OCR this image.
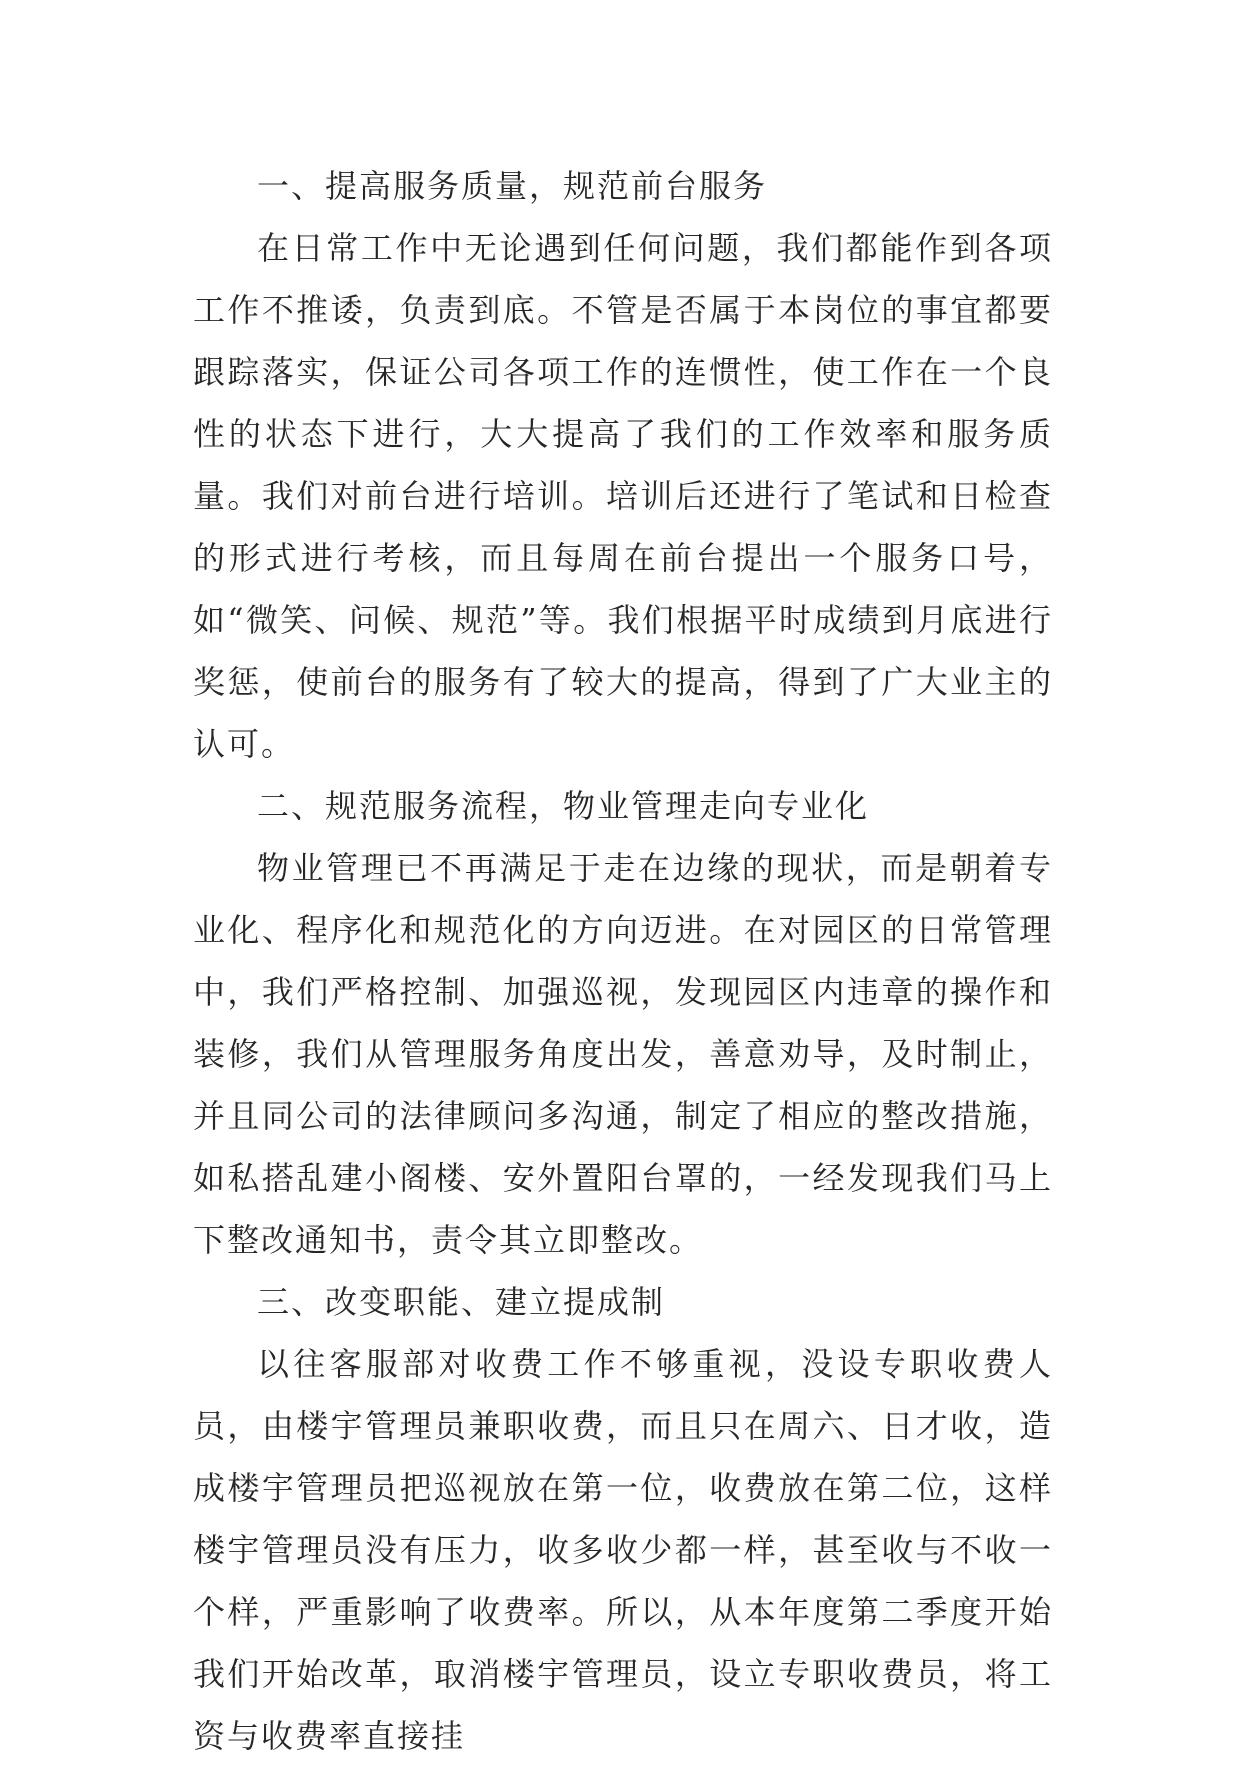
一、提高服务质量，规范前台服务

在日常工作中无论遇到任何问题，我们都能作到各项工作不推诿，负责到底。不管是否属于本岗位的事宜都要跟踪落实，保证公司各项工作的连惯性，使工作在一个良性的状态下进行，大大提高了我们的工作效率和服务质量。我们对前台进行培训。培训后还进行了笔试和日检查的形式进行考核，而且每周在前台提出一个服务口号，如“微笑、问候、规范”等。我们根据平时成绩到月底进行奖惩，使前台的服务有了较大的提高，得到了广大业主的认可。

二、规范服务流程，物业管理走向专业化

物业管理已不再满足于走在边缘的现状，而是朝着专业化、程序化和规范化的方向迈进。在对园区的日常管理中，我们严格控制、加强巡视，发现园区内违章的操作和装修，我们从管理服务角度出发，善意劝导，及时制止，并且同公司的法律顾问多沟通，制定了相应的整改措施，如私搭乱建小阁楼、安外置阳台罩的，一经发现我们马上下整改通知书，责令其立即整改。

三、改变职能、建立提成制

以往客服部对收费工作不够重视，没设专职收费人员，由楼宇管理员兼职收费，而且只在周六、日才收，造成楼宇管理员把巡视放在第一位，收费放在第二位，这样楼宇管理员没有压力，收多收少都一样，甚至收与不收一个样，严重影响了收费率。所以，从本年度第二季度开始我们开始改革，取消楼宇管理员，设立专职收费员，将工资与收费率直接挂
